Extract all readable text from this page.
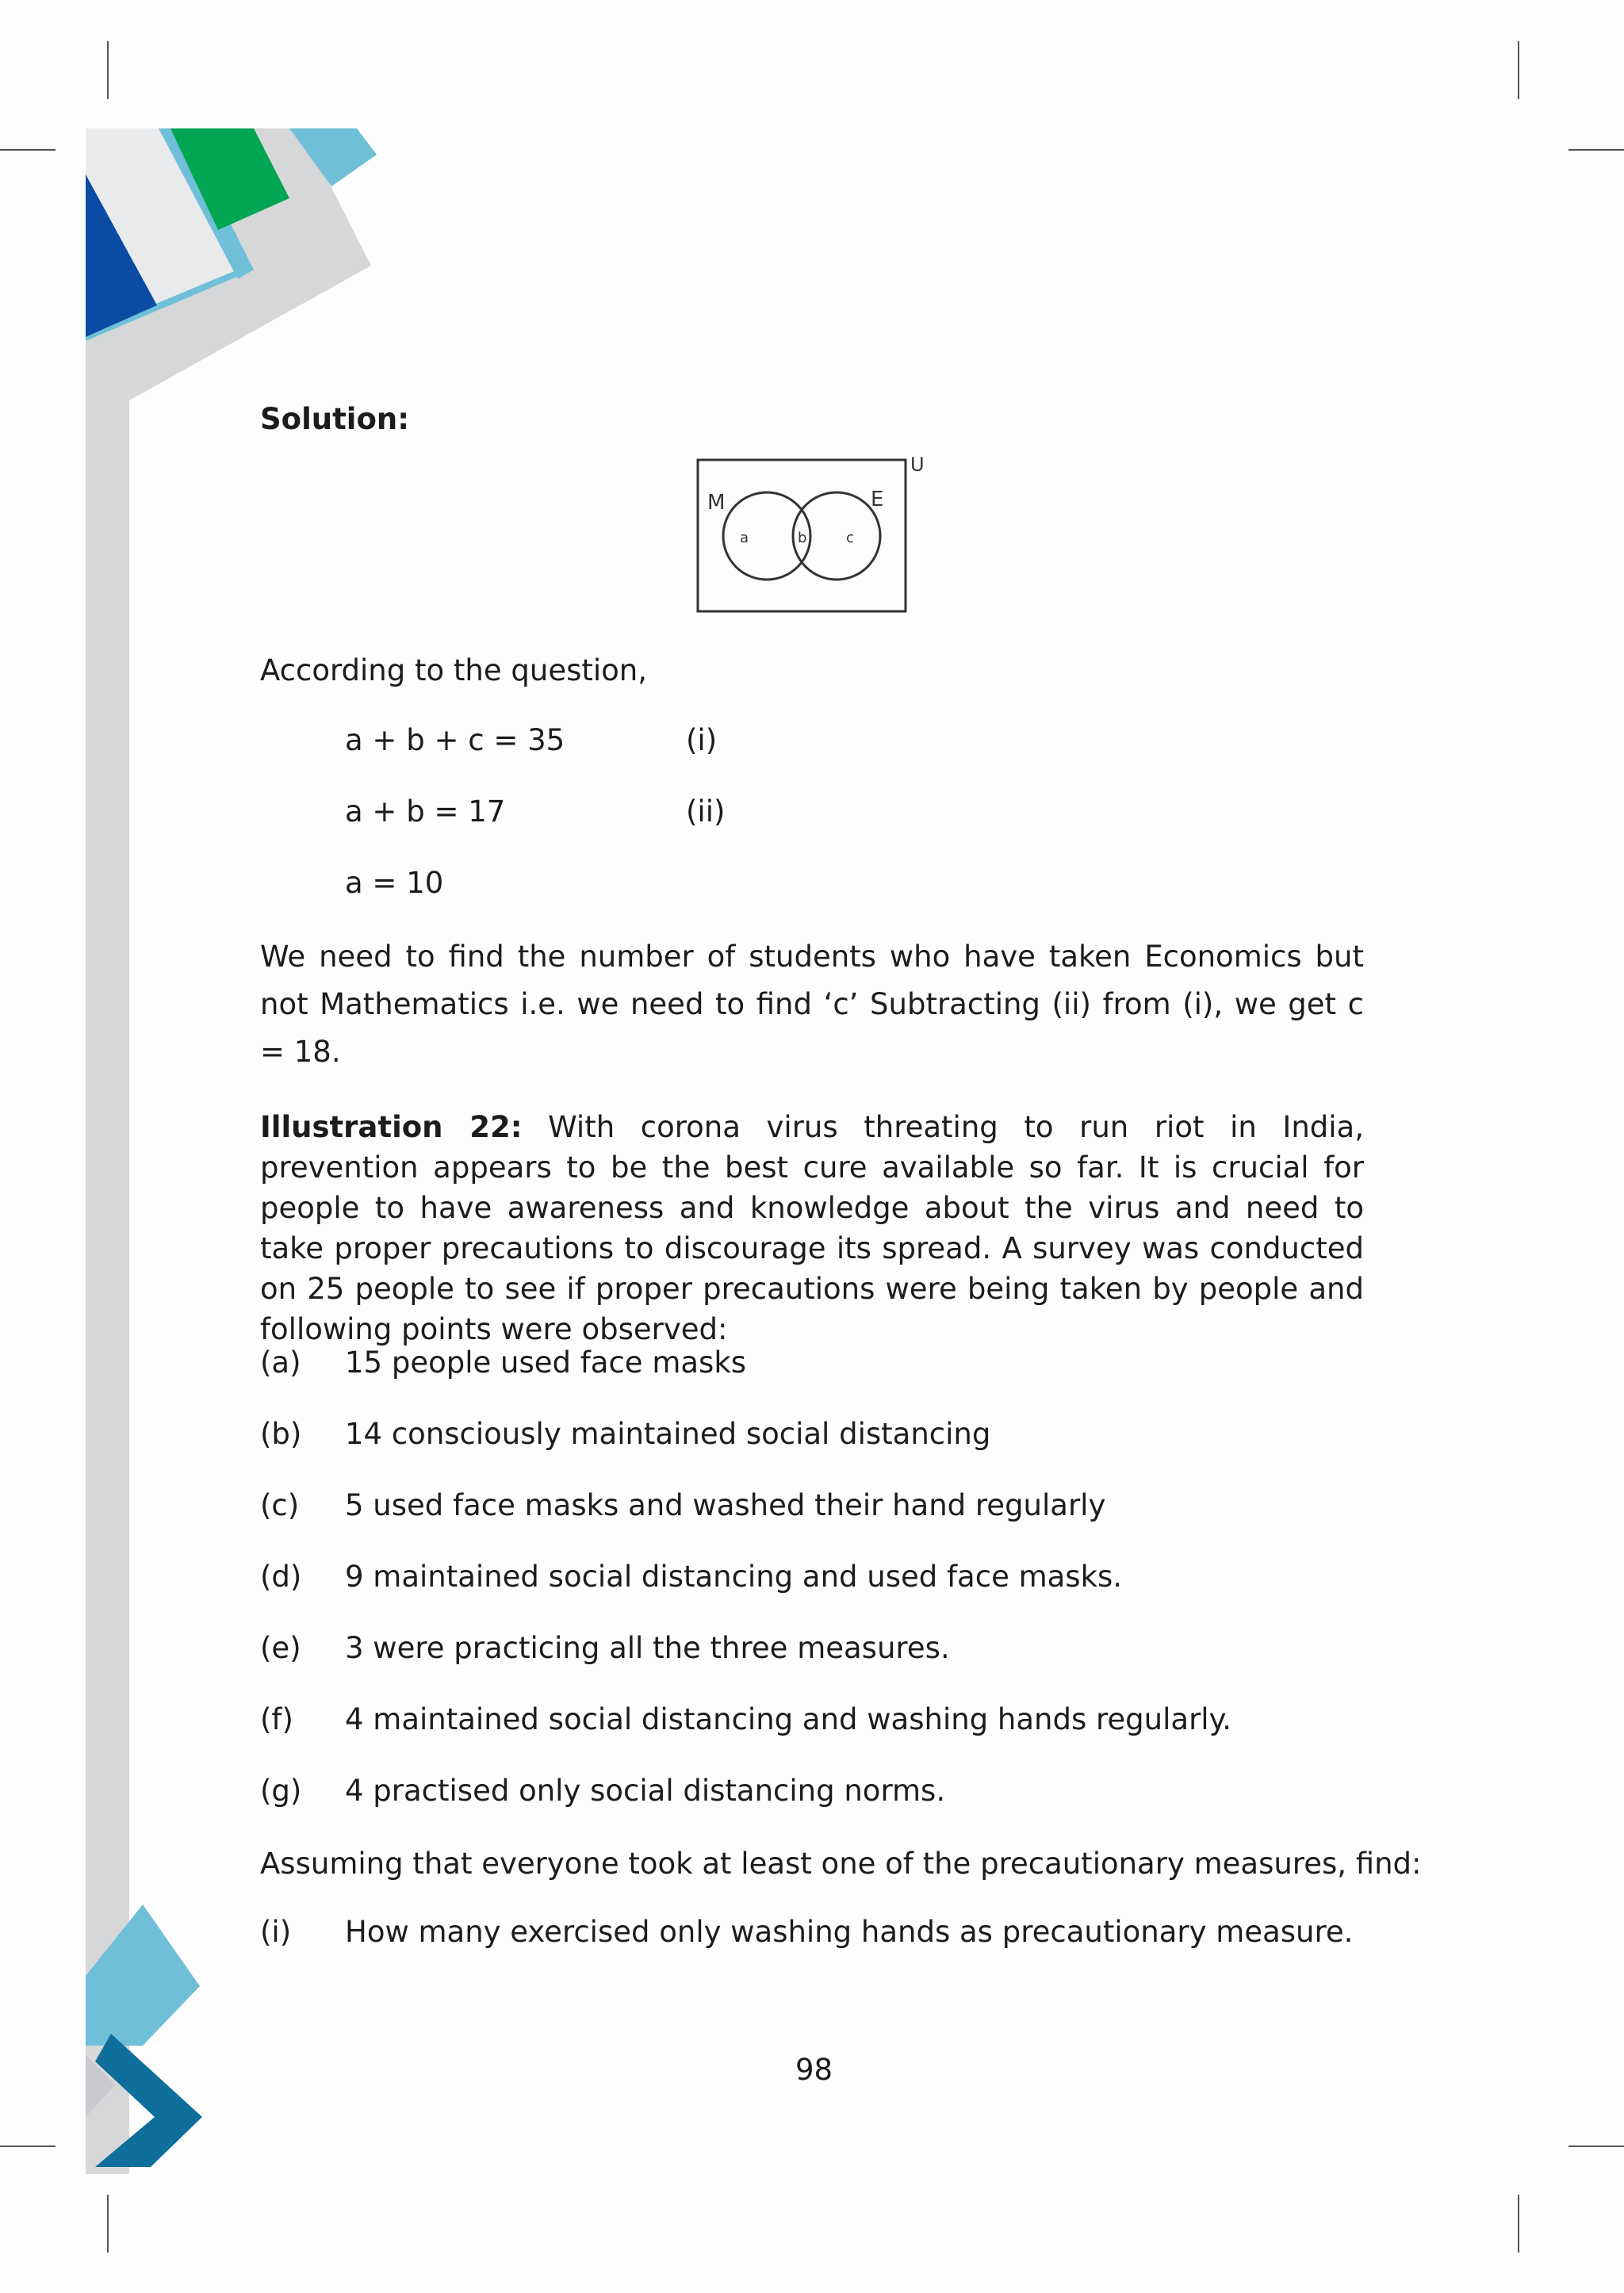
Solution:
U
M	E
a	b	c
According to the question,
a + b + c = 35	(i)
a + b = 17	(ii)
a = 10
We need to find the number of students who have taken Economics but not Mathematics i.e. we need to find ‘c’ Subtracting (ii) from (i), we get c = 18.
Illustration 22: With corona virus threating to run riot in India, prevention appears to be the best cure available so far. It is crucial for people to have awareness and knowledge about the virus and need to take proper precautions to discourage its spread. A survey was conducted on 25 people to see if proper precautions were being taken by people and following points were observed:
(a) 15 people used face masks
(b) 14 consciously maintained social distancing
(c) 5 used face masks and washed their hand regularly
(d) 9 maintained social distancing and used face masks.
(e) 3 were practicing all the three measures.
(f) 4 maintained social distancing and washing hands regularly.
(g) 4 practised only social distancing norms.
Assuming that everyone took at least one of the precautionary measures, find:
(i) How many exercised only washing hands as precautionary measure.
98
